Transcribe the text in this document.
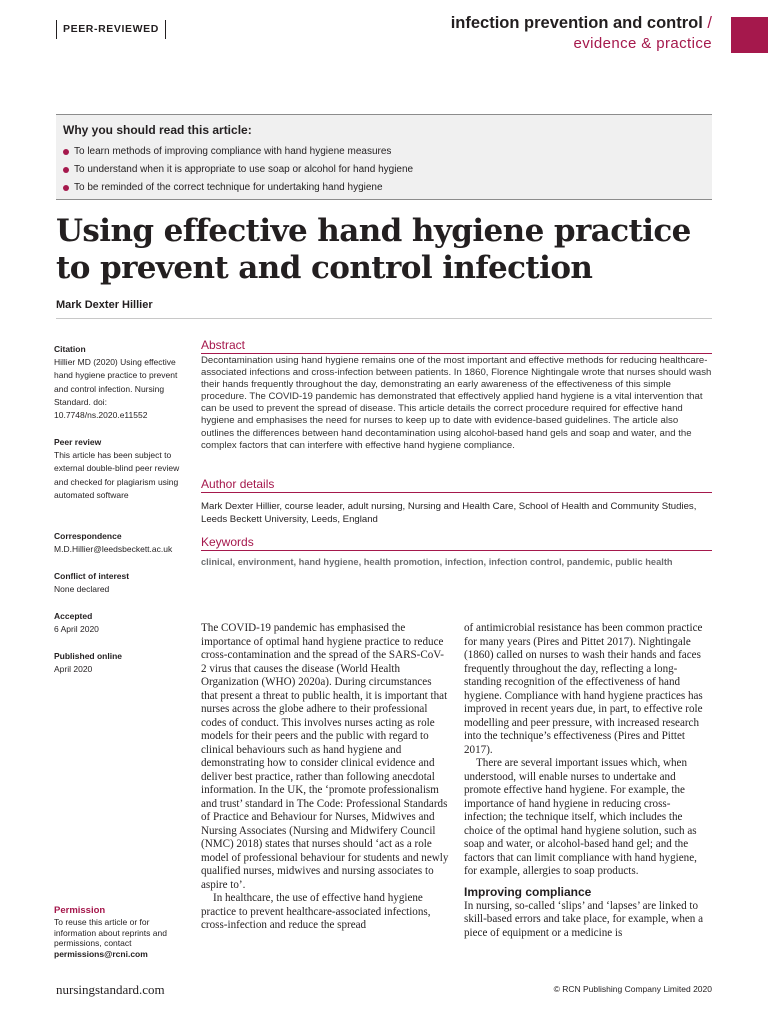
PEER-REVIEWED	infection prevention and control /
evidence & practice
Why you should read this article:
To learn methods of improving compliance with hand hygiene measures
To understand when it is appropriate to use soap or alcohol for hand hygiene
To be reminded of the correct technique for undertaking hand hygiene
Using effective hand hygiene practice to prevent and control infection
Mark Dexter Hillier
Citation
Hillier MD (2020) Using effective hand hygiene practice to prevent and control infection. Nursing Standard. doi: 10.7748/ns.2020.e11552
Peer review
This article has been subject to external double-blind peer review and checked for plagiarism using automated software
Correspondence
M.D.Hillier@leedsbeckett.ac.uk
Conflict of interest
None declared
Accepted
6 April 2020
Published online
April 2020
Permission
To reuse this article or for information about reprints and permissions, contact permissions@rcni.com
Abstract
Decontamination using hand hygiene remains one of the most important and effective methods for reducing healthcare-associated infections and cross-infection between patients. In 1860, Florence Nightingale wrote that nurses should wash their hands frequently throughout the day, demonstrating an early awareness of the effectiveness of this simple procedure. The COVID-19 pandemic has demonstrated that effectively applied hand hygiene is a vital intervention that can be used to prevent the spread of disease. This article details the correct procedure required for effective hand hygiene and emphasises the need for nurses to keep up to date with evidence-based guidelines. The article also outlines the differences between hand decontamination using alcohol-based hand gels and soap and water, and the complex factors that can interfere with effective hand hygiene compliance.
Author details
Mark Dexter Hillier, course leader, adult nursing, Nursing and Health Care, School of Health and Community Studies, Leeds Beckett University, Leeds, England
Keywords
clinical, environment, hand hygiene, health promotion, infection, infection control, pandemic, public health

The COVID-19 pandemic has emphasised the importance of optimal hand hygiene practice to reduce cross-contamination and the spread of the SARS-CoV-2 virus that causes the disease (World Health Organization (WHO) 2020a). During circumstances that present a threat to public health, it is important that nurses across the globe adhere to their professional codes of conduct. This involves nurses acting as role models for their peers and the public with regard to clinical behaviours such as hand hygiene and demonstrating how to consider clinical evidence and deliver best practice, rather than following anecdotal information. In the UK, the ‘promote professionalism and trust’ standard in The Code: Professional Standards of Practice and Behaviour for Nurses, Midwives and Nursing Associates (Nursing and Midwifery Council (NMC) 2018) states that nurses should ‘act as a role model of professional behaviour for students and newly qualified nurses, midwives and nursing associates to aspire to’.

In healthcare, the use of effective hand hygiene practice to prevent healthcare-associated infections, cross-infection and reduce the spread

of antimicrobial resistance has been common practice for many years (Pires and Pittet 2017). Nightingale (1860) called on nurses to wash their hands and faces frequently throughout the day, reflecting a long-standing recognition of the effectiveness of hand hygiene. Compliance with hand hygiene practices has improved in recent years due, in part, to effective role modelling and peer pressure, with increased research into the technique’s effectiveness (Pires and Pittet 2017).

There are several important issues which, when understood, will enable nurses to undertake and promote effective hand hygiene. For example, the importance of hand hygiene in reducing cross-infection; the technique itself, which includes the choice of the optimal hand hygiene solution, such as soap and water, or alcohol-based hand gel; and the factors that can limit compliance with hand hygiene, for example, allergies to soap products.

Improving compliance

In nursing, so-called ‘slips’ and ‘lapses’ are linked to skill-based errors and take place, for example, when a piece of equipment or a medicine is

nursingstandard.com	© RCN Publishing Company Limited 2020
